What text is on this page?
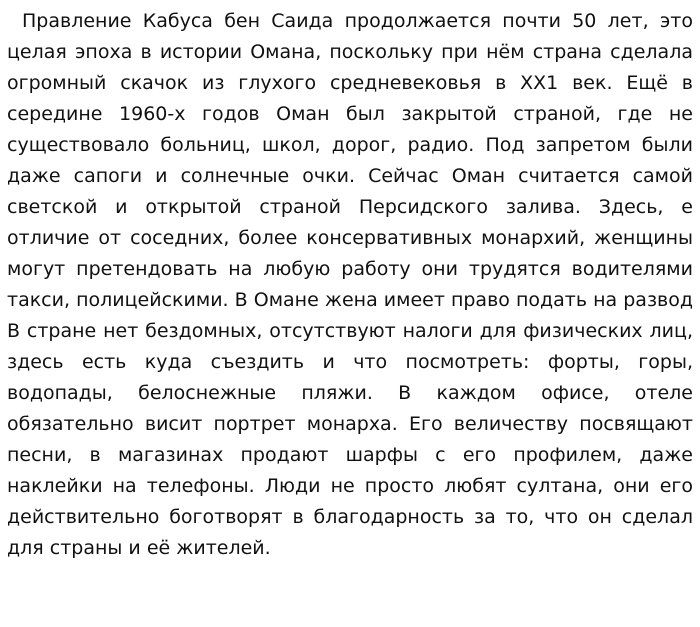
Правление Кабуса бен Саида продолжается почти 50 лет, это целая эпоха в истории Омана, поскольку при нём страна сделала огромный скачок из глухого средневековья в ХХ1 век. Ещё в середине 1960-х годов Оман был закрытой страной, где не существовало больниц, школ, дорог, радио. Под запретом были даже сапоги и солнечные очки. Сейчас Оман считается самой светской и открытой страной Персидского залива. Здесь, е отличие от соседних, более консервативных монархий, женщины могут претендовать на любую работу они трудятся водителями такси, полицейскими. В Омане жена имеет право подать на развод В стране нет бездомных, отсутствуют налоги для физических лиц, здесь есть куда съездить и что посмотреть: форты, горы, водопады, белоснежные пляжи. В каждом офисе, отеле обязательно висит портрет монарха. Его величеству посвящают песни, в магазинах продают шарфы с его профилем, даже наклейки на телефоны. Люди не просто любят султана, они его действительно боготворят в благодарность за то, что он сделал для страны и её жителей.
